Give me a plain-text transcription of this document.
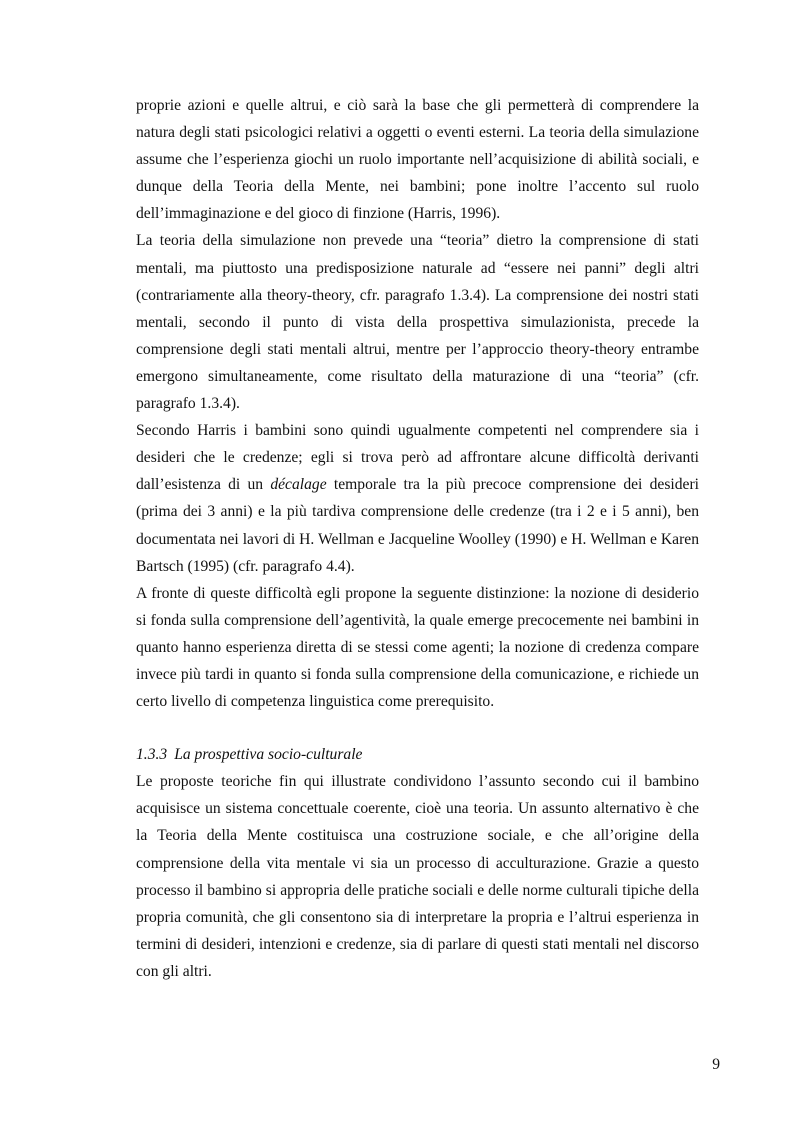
proprie azioni e quelle altrui, e ciò sarà la base che gli permetterà di comprendere la natura degli stati psicologici relativi a oggetti o eventi esterni. La teoria della simulazione assume che l’esperienza giochi un ruolo importante nell’acquisizione di abilità sociali, e dunque della Teoria della Mente, nei bambini; pone inoltre l’accento sul ruolo dell’immaginazione e del gioco di finzione (Harris, 1996).

La teoria della simulazione non prevede una “teoria” dietro la comprensione di stati mentali, ma piuttosto una predisposizione naturale ad “essere nei panni” degli altri (contrariamente alla theory-theory, cfr. paragrafo 1.3.4). La comprensione dei nostri stati mentali, secondo il punto di vista della prospettiva simulazionista, precede la comprensione degli stati mentali altrui, mentre per l’approccio theory-theory entrambe emergono simultaneamente, come risultato della maturazione di una “teoria” (cfr. paragrafo 1.3.4).

Secondo Harris i bambini sono quindi ugualmente competenti nel comprendere sia i desideri che le credenze; egli si trova però ad affrontare alcune difficoltà derivanti dall’esistenza di un décalage temporale tra la più precoce comprensione dei desideri (prima dei 3 anni) e la più tardiva comprensione delle credenze (tra i 2 e i 5 anni), ben documentata nei lavori di H. Wellman e Jacqueline Woolley (1990) e H. Wellman e Karen Bartsch (1995) (cfr. paragrafo 4.4).

A fronte di queste difficoltà egli propone la seguente distinzione: la nozione di desiderio si fonda sulla comprensione dell’agentività, la quale emerge precocemente nei bambini in quanto hanno esperienza diretta di se stessi come agenti; la nozione di credenza compare invece più tardi in quanto si fonda sulla comprensione della comunicazione, e richiede un certo livello di competenza linguistica come prerequisito.

1.3.3 La prospettiva socio-culturale

Le proposte teoriche fin qui illustrate condividono l’assunto secondo cui il bambino acquisisce un sistema concettuale coerente, cioè una teoria. Un assunto alternativo è che la Teoria della Mente costituisca una costruzione sociale, e che all’origine della comprensione della vita mentale vi sia un processo di acculturazione. Grazie a questo processo il bambino si appropria delle pratiche sociali e delle norme culturali tipiche della propria comunità, che gli consentono sia di interpretare la propria e l’altrui esperienza in termini di desideri, intenzioni e credenze, sia di parlare di questi stati mentali nel discorso con gli altri.

9
